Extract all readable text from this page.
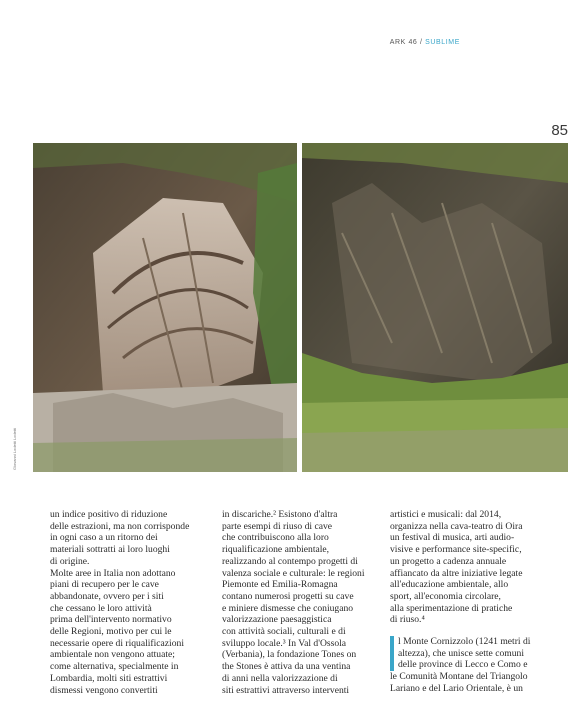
ARK 46 / SUBLIME
85
Giovanni Lodetti Lodetti
un indice positivo di riduzione
delle estrazioni, ma non corrisponde
in ogni caso a un ritorno dei
materiali sottratti ai loro luoghi
di origine.
Molte aree in Italia non adottano
piani di recupero per le cave
abbandonate, ovvero per i siti
che cessano le loro attività
prima dell'intervento normativo
delle Regioni, motivo per cui le
necessarie opere di riqualificazioni
ambientale non vengono attuate;
come alternativa, specialmente in
Lombardia, molti siti estrattivi
dismessi vengono convertiti
in discariche.² Esistono d'altra
parte esempi di riuso di cave
che contribuiscono alla loro
riqualificazione ambientale,
realizzando al contempo progetti di
valenza sociale e culturale: le regioni
Piemonte ed Emilia-Romagna
contano numerosi progetti su cave
e miniere dismesse che coniugano
valorizzazione paesaggistica
con attività sociali, culturali e di
sviluppo locale.³ In Val d'Ossola
(Verbania), la fondazione Tones on
the Stones è attiva da una ventina
di anni nella valorizzazione di
siti estrattivi attraverso interventi
artistici e musicali: dal 2014,
organizza nella cava-teatro di Oira
un festival di musica, arti audio-
visive e performance site-specific,
un progetto a cadenza annuale
affiancato da altre iniziative legate
all'educazione ambientale, allo
sport, all'economia circolare,
alla sperimentazione di pratiche
di riuso.⁴
l Monte Cornizzolo (1241 metri di
altezza), che unisce sette comuni
delle province di Lecco e Como e
le Comunità Montane del Triangolo
Lariano e del Lario Orientale, è un
